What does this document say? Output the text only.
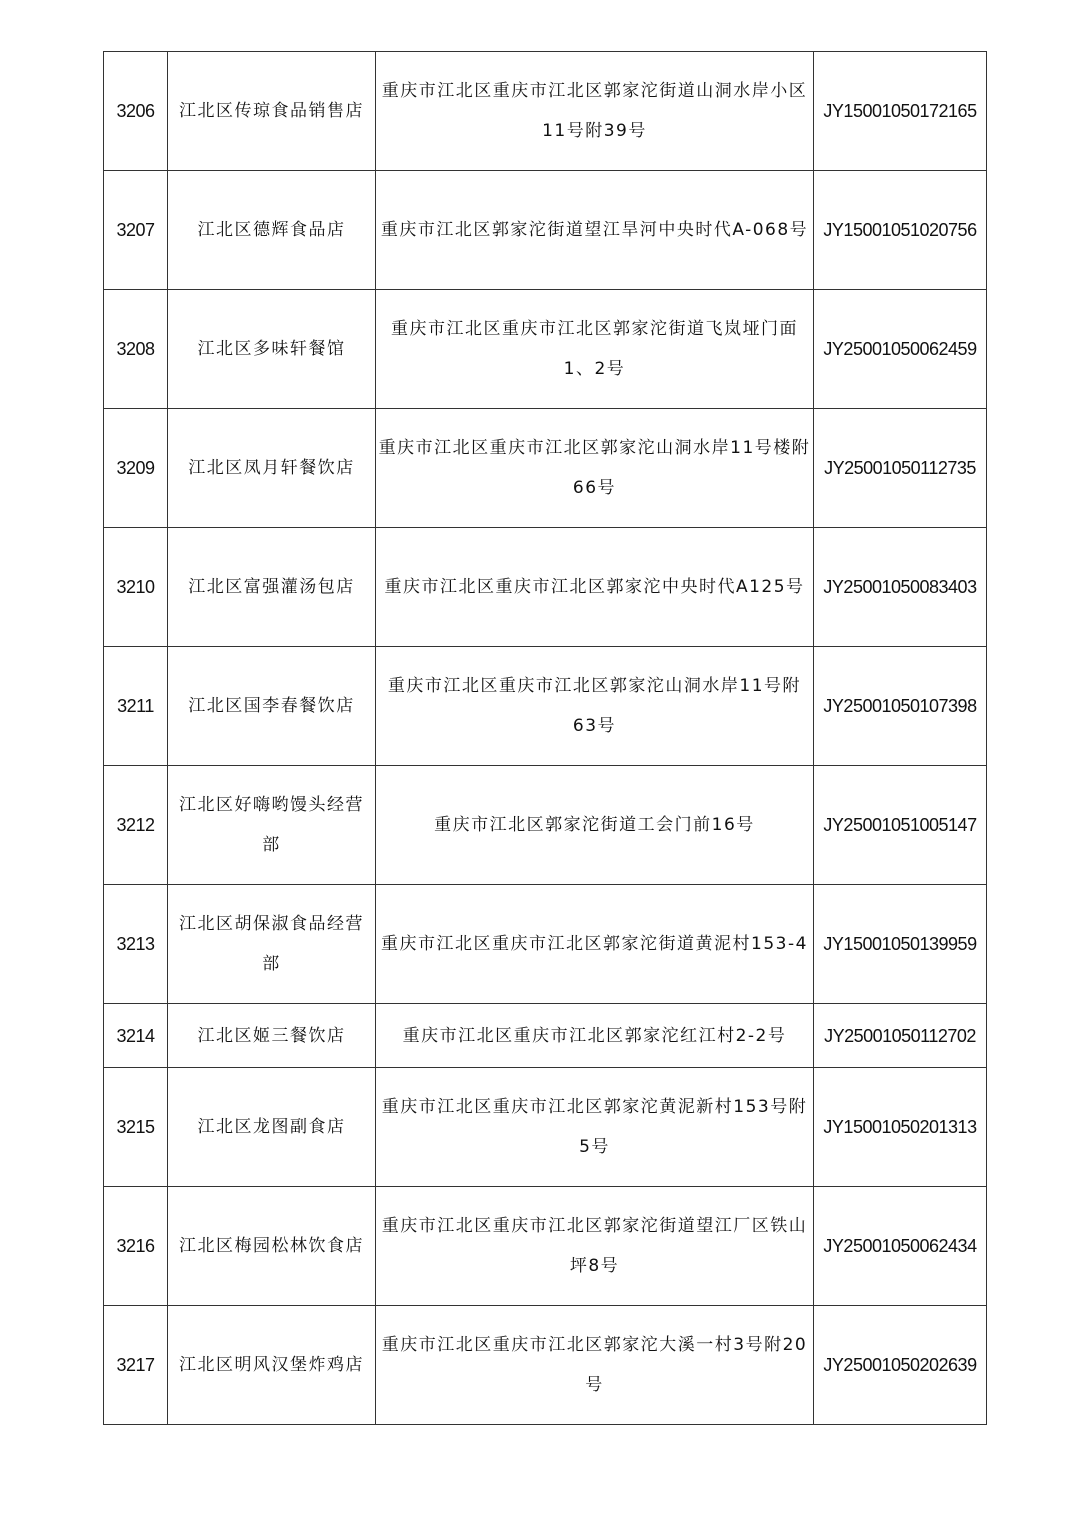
3206	江北区传琼食品销售店	重庆市江北区重庆市江北区郭家沱街道山洞水岸小区11号附39号	JY15001050172165
3207	江北区德辉食品店	重庆市江北区郭家沱街道望江旱河中央时代A-068号	JY15001051020756
3208	江北区多味轩餐馆	重庆市江北区重庆市江北区郭家沱街道飞岚垭门面1、2号	JY25001050062459
3209	江北区凤月轩餐饮店	重庆市江北区重庆市江北区郭家沱山洞水岸11号楼附66号	JY25001050112735
3210	江北区富强灌汤包店	重庆市江北区重庆市江北区郭家沱中央时代A125号	JY25001050083403
3211	江北区国李春餐饮店	重庆市江北区重庆市江北区郭家沱山洞水岸11号附63号	JY25001050107398
3212	江北区好嗨哟馒头经营部	重庆市江北区郭家沱街道工会门前16号	JY25001051005147
3213	江北区胡保淑食品经营部	重庆市江北区重庆市江北区郭家沱街道黄泥村153-4	JY15001050139959
3214	江北区姬三餐饮店	重庆市江北区重庆市江北区郭家沱红江村2-2号	JY25001050112702
3215	江北区龙图副食店	重庆市江北区重庆市江北区郭家沱黄泥新村153号附5号	JY15001050201313
3216	江北区梅园松林饮食店	重庆市江北区重庆市江北区郭家沱街道望江厂区铁山坪8号	JY25001050062434
3217	江北区明风汉堡炸鸡店	重庆市江北区重庆市江北区郭家沱大溪一村3号附20号	JY25001050202639
